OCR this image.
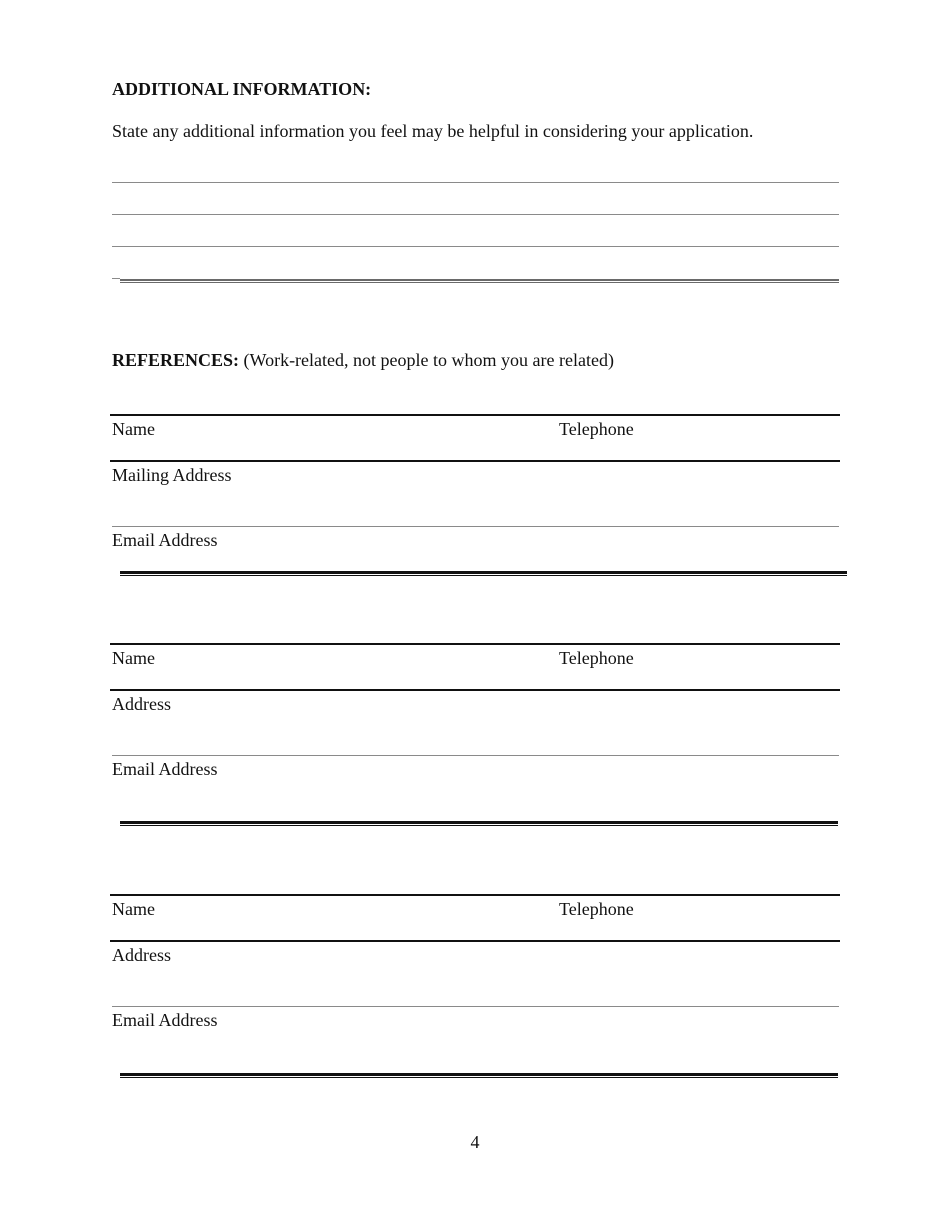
ADDITIONAL INFORMATION:
State any additional information you feel may be helpful in considering your application.
REFERENCES: (Work-related, not people to whom you are related)
Name	Telephone
Mailing Address
Email Address
Name	Telephone
Address
Email Address
Name	Telephone
Address
Email Address
4
